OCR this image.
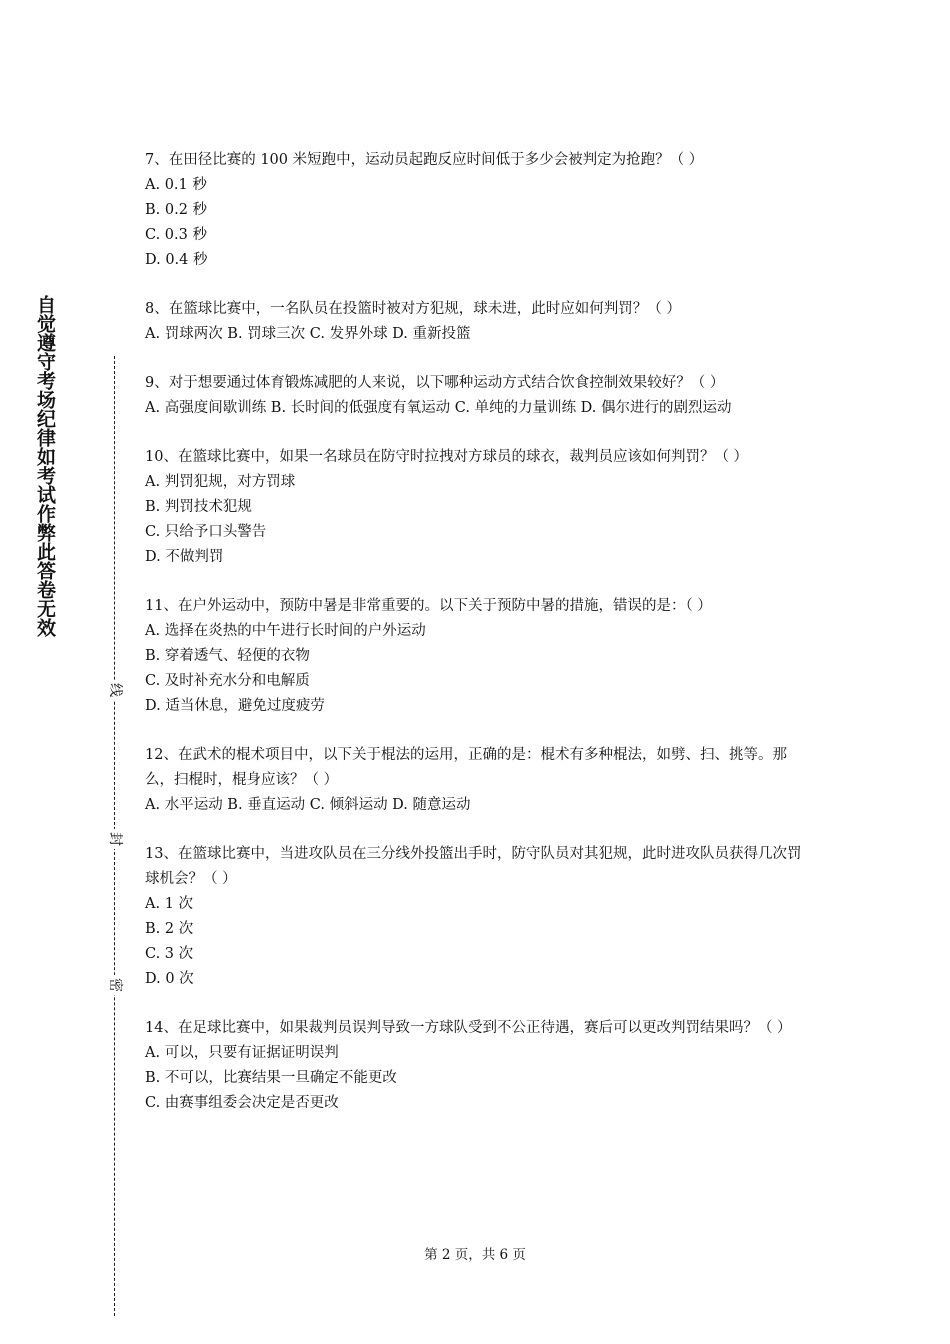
自觉遵守考场纪律如考试作弊此答卷无效
线
封
密

7、在田径比赛的 100 米短跑中，运动员起跑反应时间低于多少会被判定为抢跑？（ ）

A. 0.1 秒
B. 0.2 秒
C. 0.3 秒
D. 0.4 秒

8、在篮球比赛中，一名队员在投篮时被对方犯规，球未进，此时应如何判罚？（ ）

A. 罚球两次 B. 罚球三次 C. 发界外球 D. 重新投篮

9、对于想要通过体育锻炼减肥的人来说，以下哪种运动方式结合饮食控制效果较好？（ ）

A. 高强度间歇训练 B. 长时间的低强度有氧运动 C. 单纯的力量训练 D. 偶尔进行的剧烈运动

10、在篮球比赛中，如果一名球员在防守时拉拽对方球员的球衣，裁判员应该如何判罚？（ ）

A. 判罚犯规，对方罚球
B. 判罚技术犯规
C. 只给予口头警告
D. 不做判罚

11、在户外运动中，预防中暑是非常重要的。以下关于预防中暑的措施，错误的是：（ ）

A. 选择在炎热的中午进行长时间的户外运动
B. 穿着透气、轻便的衣物
C. 及时补充水分和电解质
D. 适当休息，避免过度疲劳

12、在武术的棍术项目中，以下关于棍法的运用，正确的是：棍术有多种棍法，如劈、扫、挑等。那么，扫棍时，棍身应该？（ ）

A. 水平运动 B. 垂直运动 C. 倾斜运动 D. 随意运动

13、在篮球比赛中，当进攻队员在三分线外投篮出手时，防守队员对其犯规，此时进攻队员获得几次罚球机会？（ ）

A. 1 次
B. 2 次
C. 3 次
D. 0 次

14、在足球比赛中，如果裁判员误判导致一方球队受到不公正待遇，赛后可以更改判罚结果吗？（ ）

A. 可以，只要有证据证明误判
B. 不可以，比赛结果一旦确定不能更改
C. 由赛事组委会决定是否更改
第 2 页，共 6 页
